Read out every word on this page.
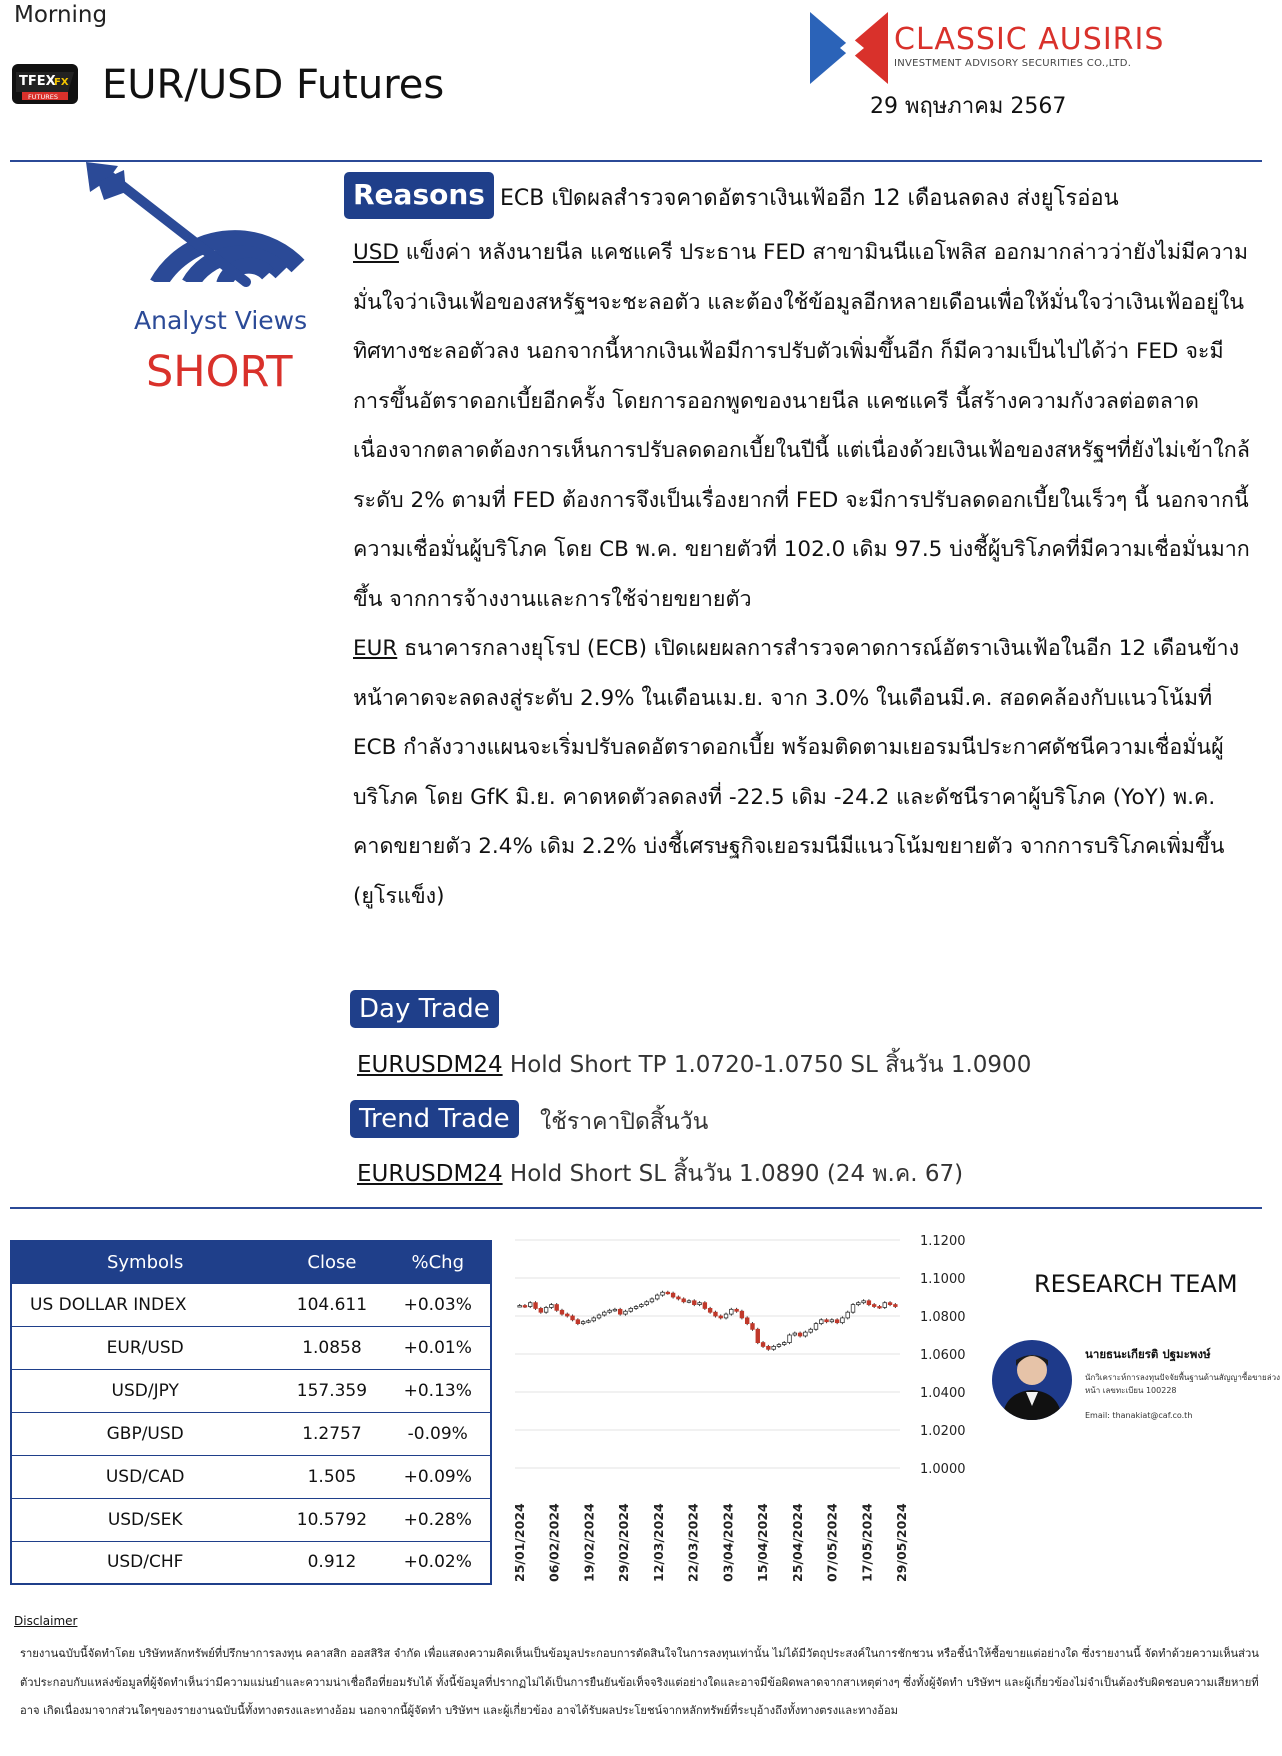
Morning
TFEX
FX
FUTURES EUR/USD Futures
CLASSIC AUSIRIS
INVESTMENT ADVISORY SECURITIES CO.,LTD.
29 พฤษภาคม 2567
Analyst Views
SHORT
Reasons ECB เปิดผลสำรวจคาดอัตราเงินเฟ้ออีก 12 เดือนลดลง ส่งยูโรอ่อน

USD แข็งค่า หลังนายนีล แคชแครี ประธาน FED สาขามินนีแอโพลิส ออกมากล่าวว่ายังไม่มีความมั่นใจว่าเงินเฟ้อของสหรัฐฯจะชะลอตัว และต้องใช้ข้อมูลอีกหลายเดือนเพื่อให้มั่นใจว่าเงินเฟ้ออยู่ในทิศทางชะลอตัวลง นอกจากนี้หากเงินเฟ้อมีการปรับตัวเพิ่มขึ้นอีก ก็มีความเป็นไปได้ว่า FED จะมีการขึ้นอัตราดอกเบี้ยอีกครั้ง โดยการออกพูดของนายนีล แคชแครี นี้สร้างความกังวลต่อตลาดเนื่องจากตลาดต้องการเห็นการปรับลดดอกเบี้ยในปีนี้ แต่เนื่องด้วยเงินเฟ้อของสหรัฐฯที่ยังไม่เข้าใกล้ระดับ 2% ตามที่ FED ต้องการจึงเป็นเรื่องยากที่ FED จะมีการปรับลดดอกเบี้ยในเร็วๆ นี้ นอกจากนี้ความเชื่อมั่นผู้บริโภค โดย CB พ.ค. ขยายตัวที่ 102.0 เดิม 97.5 บ่งชี้ผู้บริโภคที่มีความเชื่อมั่นมากขึ้น จากการจ้างงานและการใช้จ่ายขยายตัว

EUR ธนาคารกลางยุโรป (ECB) เปิดเผยผลการสำรวจคาดการณ์อัตราเงินเฟ้อในอีก 12 เดือนข้างหน้าคาดจะลดลงสู่ระดับ 2.9% ในเดือนเม.ย. จาก 3.0% ในเดือนมี.ค. สอดคล้องกับแนวโน้มที่ ECB กำลังวางแผนจะเริ่มปรับลดอัตราดอกเบี้ย พร้อมติดตามเยอรมนีประกาศดัชนีความเชื่อมั่นผู้บริโภค โดย GfK มิ.ย. คาดหดตัวลดลงที่ -22.5 เดิม -24.2 และดัชนีราคาผู้บริโภค (YoY) พ.ค. คาดขยายตัว 2.4% เดิม 2.2% บ่งชี้เศรษฐกิจเยอรมนีมีแนวโน้มขยายตัว จากการบริโภคเพิ่มขึ้น (ยูโรแข็ง)

Day Trade
EURUSDM24 Hold Short TP 1.0720-1.0750 SL สิ้นวัน 1.0900
Trend Trade	ใช้ราคาปิดสิ้นวัน
EURUSDM24 Hold Short SL สิ้นวัน 1.0890 (24 พ.ค. 67)
Symbols	Close	%Chg
US DOLLAR INDEX	104.611	+0.03%
EUR/USD	1.0858	+0.01%
USD/JPY	157.359	+0.13%
GBP/USD	1.2757	-0.09%
USD/CAD	1.505	+0.09%
USD/SEK	10.5792	+0.28%
USD/CHF	0.912	+0.02%
1.1200
1.1000
1.0800
1.0600
1.0400
1.0200
1.0000
25/01/2024 06/02/2024 19/02/2024 29/02/2024 12/03/2024 22/03/2024 03/04/2024 15/04/2024 25/04/2024 07/05/2024 17/05/2024 29/05/2024
RESEARCH TEAM
นายธนะเกียรติ ปฐมะพงษ์
นักวิเคราะห์การลงทุนปัจจัยพื้นฐานด้านสัญญาซื้อขายล่วงหน้า เลขทะเบียน 100228
Email: thanakiat@caf.co.th
Disclaimer
รายงานฉบับนี้จัดทำโดย บริษัทหลักทรัพย์ที่ปรึกษาการลงทุน คลาสสิก ออสสิริส จำกัด เพื่อแสดงความคิดเห็นเป็นข้อมูลประกอบการตัดสินใจในการลงทุนเท่านั้น ไม่ได้มีวัตถุประสงค์ในการชักชวน หรือชี้นำให้ซื้อขายแต่อย่างใด ซึ่งรายงานนี้ จัดทำด้วยความเห็นส่วนตัวประกอบกับแหล่งข้อมูลที่ผู้จัดทำเห็นว่ามีความแม่นยำและความน่าเชื่อถือที่ยอมรับได้ ทั้งนี้ข้อมูลที่ปรากฏไม่ได้เป็นการยืนยันข้อเท็จจริงแต่อย่างใดและอาจมีข้อผิดพลาดจากสาเหตุต่างๆ ซึ่งทั้งผู้จัดทำ บริษัทฯ และผู้เกี่ยวข้องไม่จำเป็นต้องรับผิดชอบความเสียหายที่อาจ เกิดเนื่องมาจากส่วนใดๆของรายงานฉบับนี้ทั้งทางตรงและทางอ้อม นอกจากนี้ผู้จัดทำ บริษัทฯ และผู้เกี่ยวข้อง อาจได้รับผลประโยชน์จากหลักทรัพย์ที่ระบุอ้างถึงทั้งทางตรงและทางอ้อม
